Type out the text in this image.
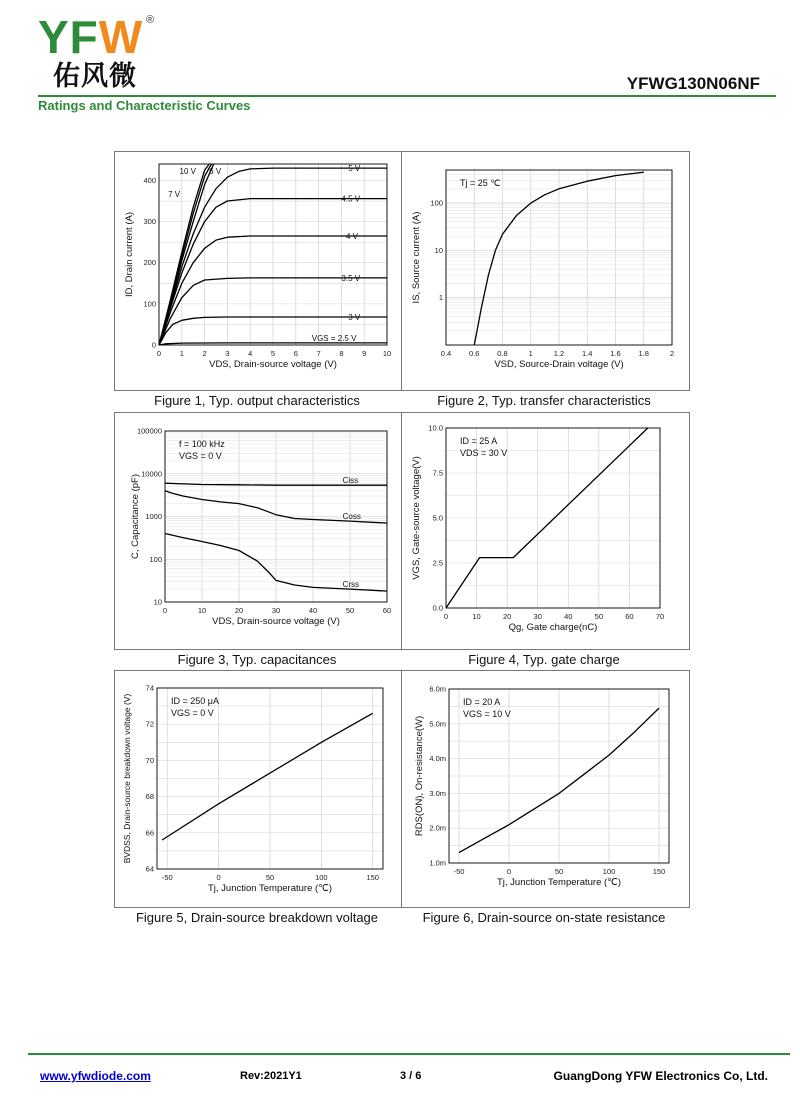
YFW ®
佑风微	YFWG130N06NF
Ratings and Characteristic Curves
0 1 2 3 4 5 6 7 8 9 10
0
100
200
300
400
VDS, Drain-source voltage (V)
ID, Drain current (A)
5 V
4.5 V
4 V
3.5 V
3 V
VGS = 2.5 V
10 V 6 V
7 V
0.4 0.6 0.8	1	1.2 1.4 1.6 1.8	2
1
10
100
VSD, Source-Drain voltage (V)
IS, Source current (A)
Tj = 25 ℃
Figure 1, Typ. output characteristics	Figure 2, Typ. transfer characteristics
0	10	20	30	40	50	60
10
100
1000
10000
100000
VDS, Drain-source voltage (V)
C, Capacitance (pF)	Ciss
Coss
Crss
f = 100 kHz
VGS = 0 V
0	10	20	30	40	50	60	70
0.0
2.5
5.0
7.5
10.0
Qg, Gate charge(nC)
VGS, Gate-source voltage(V)
ID = 25 A
VDS = 30 V
Figure 3, Typ. capacitances	Figure 4, Typ. gate charge
-50	0	50	100	150
64
66
68
70
72
74
Tj, Junction Temperature (℃)
BVDSS, Drain-source breakdown voltage (V)	ID = 250 μA
VGS = 0 V
-50	0	50	100	150
1.0m
2.0m
3.0m
4.0m
5.0m
6.0m
Tj, Junction Temperature (℃)
RDS(ON), On-resistance(W)
ID = 20 A
VGS = 10 V
Figure 5, Drain-source breakdown voltage	Figure 6, Drain-source on-state resistance
www.yfwdiode.com	Rev:2021Y1	3 / 6	GuangDong YFW Electronics Co, Ltd.
